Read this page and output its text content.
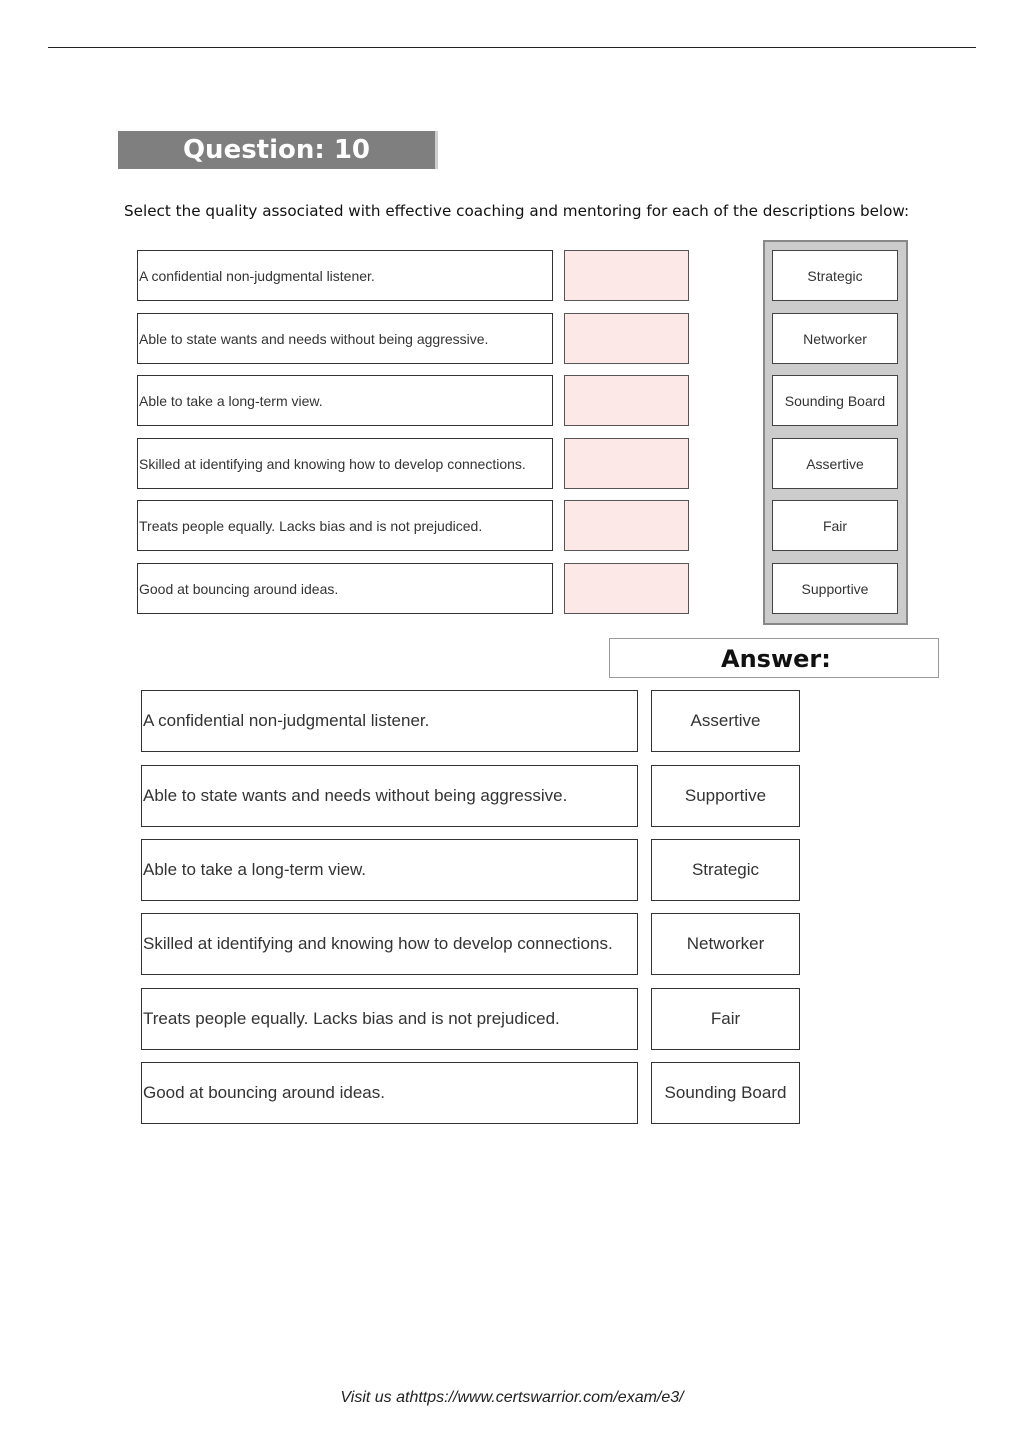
Question: 10
Select the quality associated with effective coaching and mentoring for each of the descriptions below:
A confidential non-judgmental listener.
Able to state wants and needs without being aggressive.
Able to take a long-term view.
Skilled at identifying and knowing how to develop connections.
Treats people equally. Lacks bias and is not prejudiced.
Good at bouncing around ideas.
Strategic
Networker
Sounding Board
Assertive
Fair
Supportive
Answer:
A confidential non-judgmental listener.	Assertive
Able to state wants and needs without being aggressive.	Supportive
Able to take a long-term view.	Strategic
Skilled at identifying and knowing how to develop connections.	Networker
Treats people equally. Lacks bias and is not prejudiced.	Fair
Good at bouncing around ideas.	Sounding Board
Visit us athttps://www.certswarrior.com/exam/e3/
